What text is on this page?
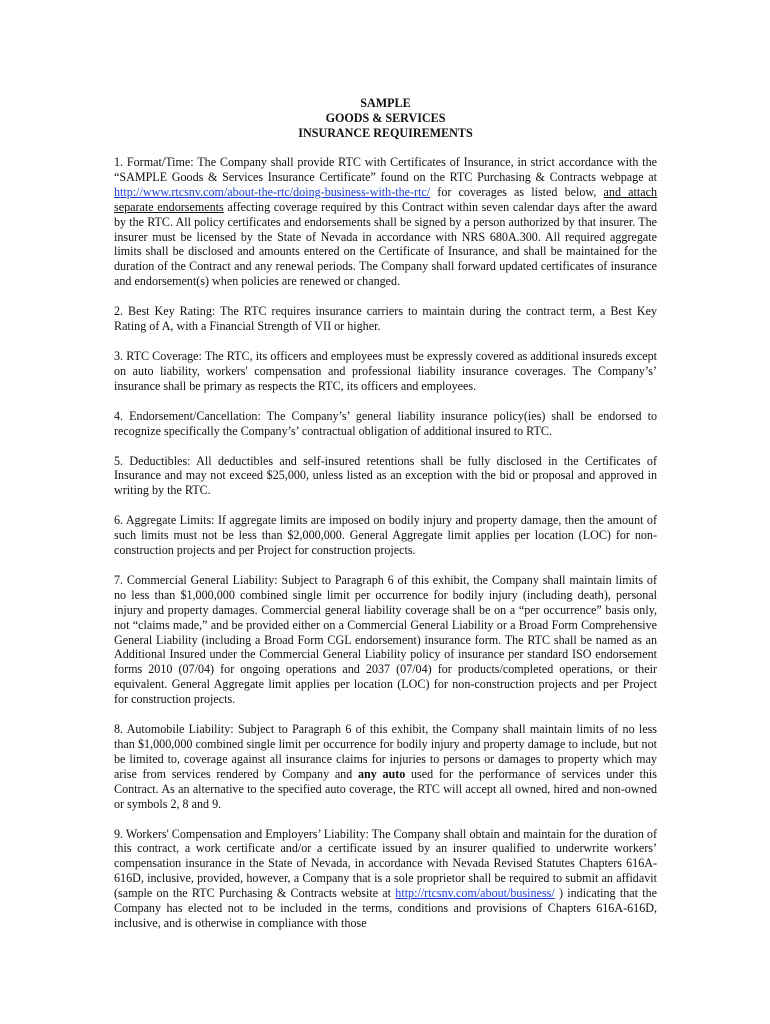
SAMPLE
GOODS & SERVICES
INSURANCE REQUIREMENTS

1. Format/Time: The Company shall provide RTC with Certificates of Insurance, in strict accordance with the “SAMPLE Goods & Services Insurance Certificate” found on the RTC Purchasing & Contracts webpage at http://www.rtcsnv.com/about-the-rtc/doing-business-with-the-rtc/ for coverages as listed below, and attach separate endorsements affecting coverage required by this Contract within seven calendar days after the award by the RTC. All policy certificates and endorsements shall be signed by a person authorized by that insurer. The insurer must be licensed by the State of Nevada in accordance with NRS 680A.300. All required aggregate limits shall be disclosed and amounts entered on the Certificate of Insurance, and shall be maintained for the duration of the Contract and any renewal periods. The Company shall forward updated certificates of insurance and endorsement(s) when policies are renewed or changed.

2. Best Key Rating: The RTC requires insurance carriers to maintain during the contract term, a Best Key Rating of A, with a Financial Strength of VII or higher.

3. RTC Coverage: The RTC, its officers and employees must be expressly covered as additional insureds except on auto liability, workers' compensation and professional liability insurance coverages. The Company’s’ insurance shall be primary as respects the RTC, its officers and employees.

4. Endorsement/Cancellation: The Company’s’ general liability insurance policy(ies) shall be endorsed to recognize specifically the Company’s’ contractual obligation of additional insured to RTC.

5. Deductibles: All deductibles and self-insured retentions shall be fully disclosed in the Certificates of Insurance and may not exceed $25,000, unless listed as an exception with the bid or proposal and approved in writing by the RTC.

6. Aggregate Limits: If aggregate limits are imposed on bodily injury and property damage, then the amount of such limits must not be less than $2,000,000. General Aggregate limit applies per location (LOC) for non-construction projects and per Project for construction projects.

7. Commercial General Liability: Subject to Paragraph 6 of this exhibit, the Company shall maintain limits of no less than $1,000,000 combined single limit per occurrence for bodily injury (including death), personal injury and property damages. Commercial general liability coverage shall be on a “per occurrence” basis only, not “claims made,” and be provided either on a Commercial General Liability or a Broad Form Comprehensive General Liability (including a Broad Form CGL endorsement) insurance form. The RTC shall be named as an Additional Insured under the Commercial General Liability policy of insurance per standard ISO endorsement forms 2010 (07/04) for ongoing operations and 2037 (07/04) for products/completed operations, or their equivalent. General Aggregate limit applies per location (LOC) for non-construction projects and per Project for construction projects.

8. Automobile Liability: Subject to Paragraph 6 of this exhibit, the Company shall maintain limits of no less than $1,000,000 combined single limit per occurrence for bodily injury and property damage to include, but not be limited to, coverage against all insurance claims for injuries to persons or damages to property which may arise from services rendered by Company and any auto used for the performance of services under this Contract. As an alternative to the specified auto coverage, the RTC will accept all owned, hired and non-owned or symbols 2, 8 and 9.

9. Workers' Compensation and Employers’ Liability: The Company shall obtain and maintain for the duration of this contract, a work certificate and/or a certificate issued by an insurer qualified to underwrite workers’ compensation insurance in the State of Nevada, in accordance with Nevada Revised Statutes Chapters 616A-616D, inclusive, provided, however, a Company that is a sole proprietor shall be required to submit an affidavit (sample on the RTC Purchasing & Contracts website at http://rtcsnv.com/about/business/ ) indicating that the Company has elected not to be included in the terms, conditions and provisions of Chapters 616A-616D, inclusive, and is otherwise in compliance with those
